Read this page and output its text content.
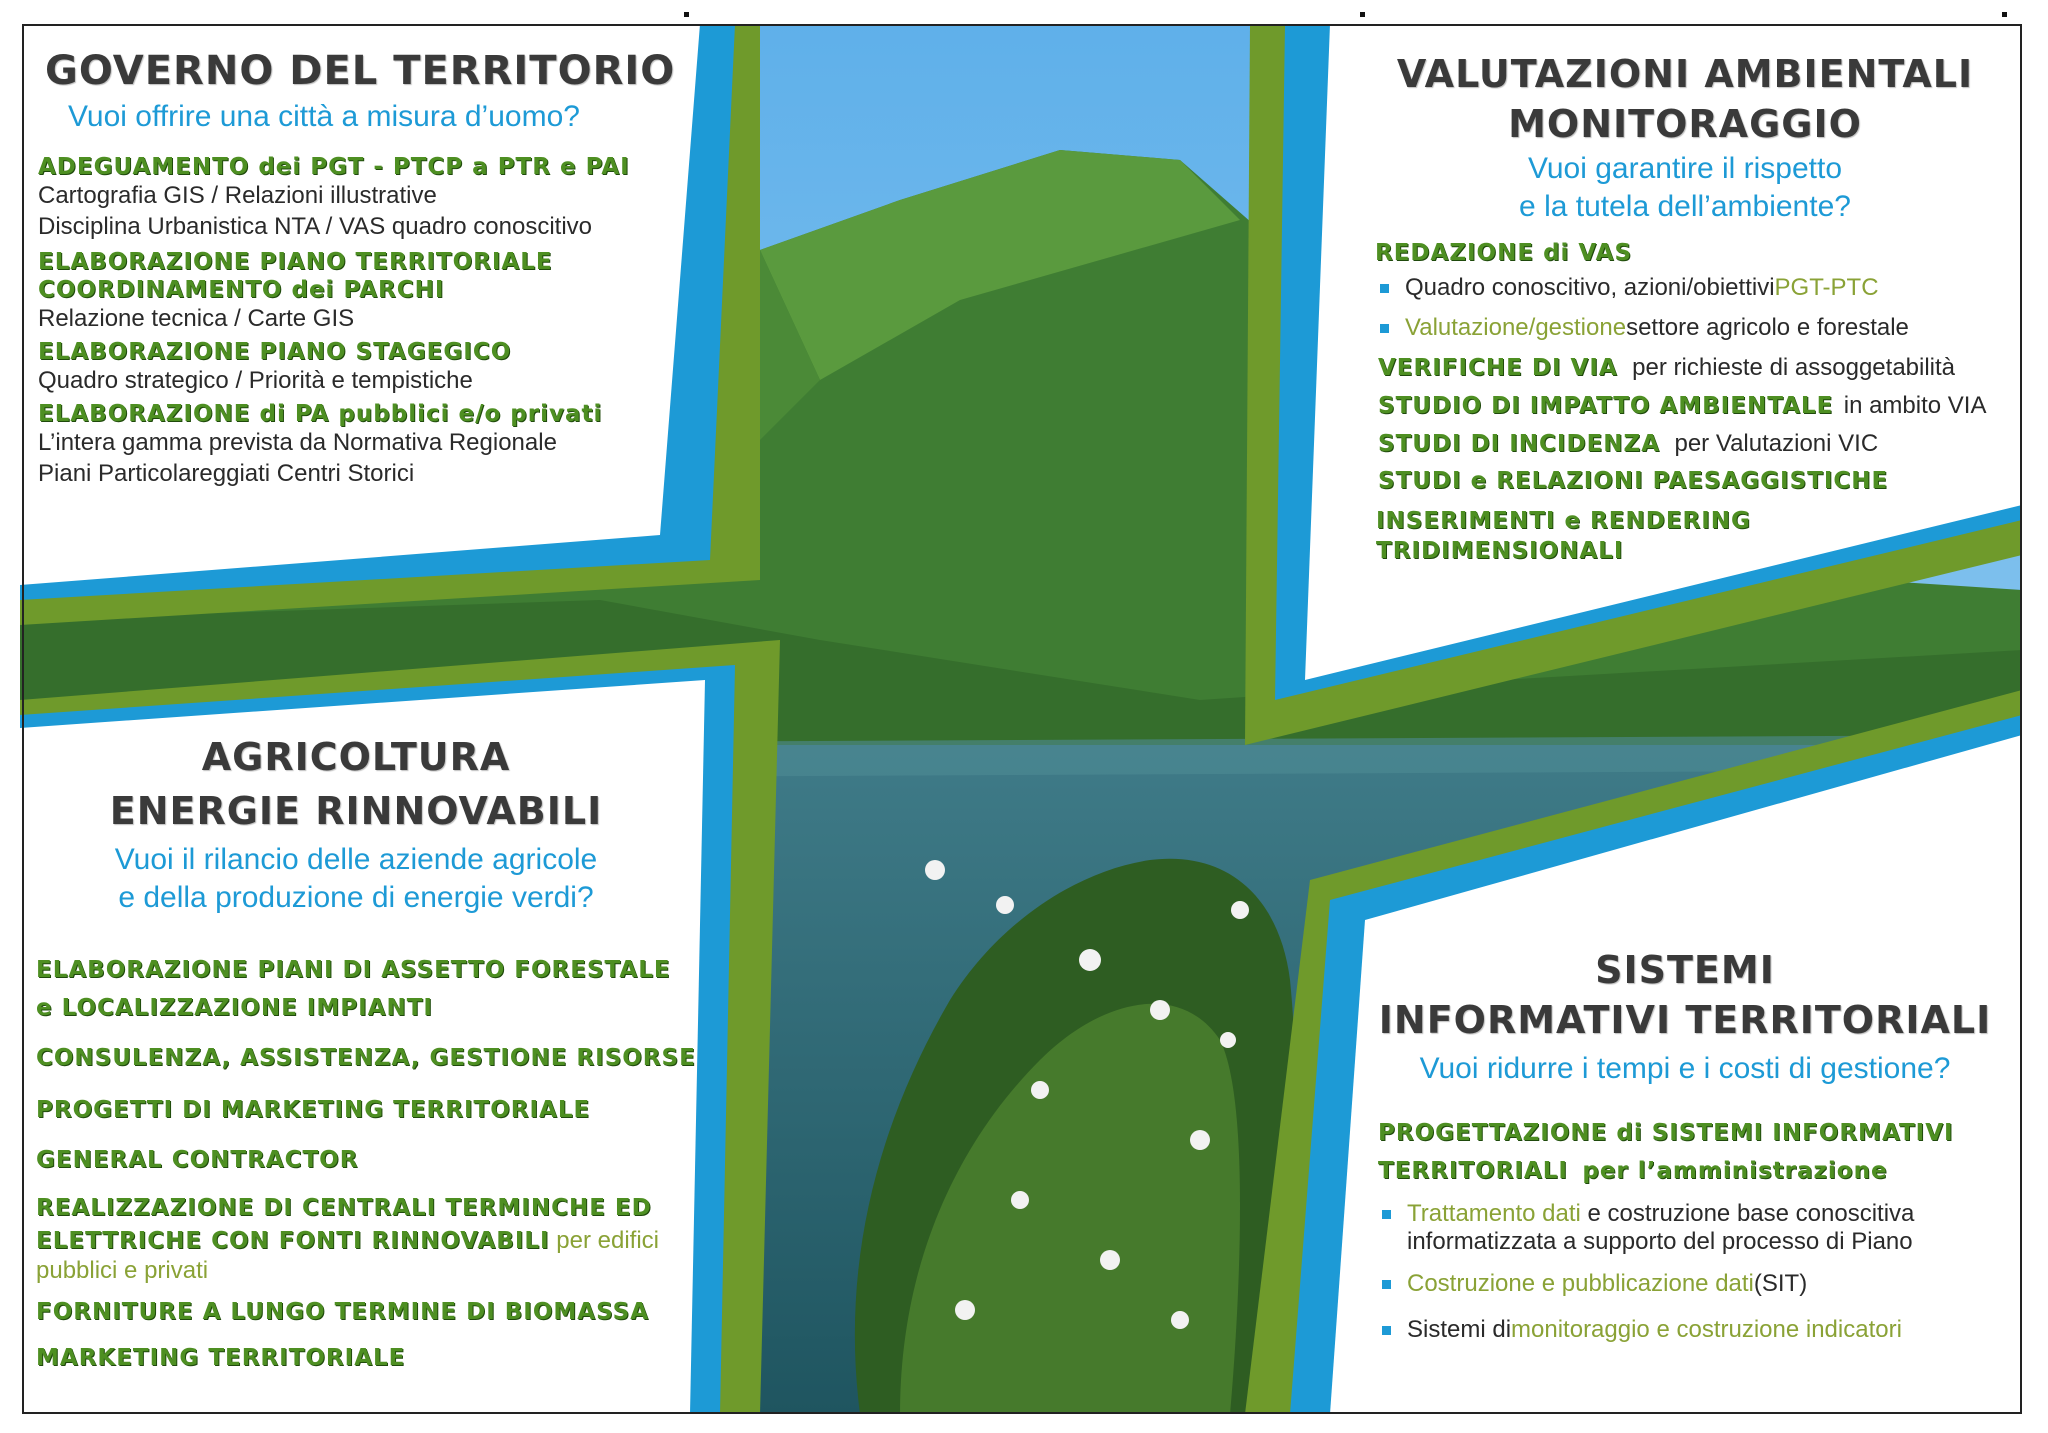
GOVERNO DEL TERRITORIO
Vuoi offrire una città a misura d’uomo?
ADEGUAMENTO dei PGT - PTCP a PTR e PAI
Cartografia GIS / Relazioni illustrative
Disciplina Urbanistica NTA / VAS quadro conoscitivo
ELABORAZIONE PIANO TERRITORIALE
COORDINAMENTO dei PARCHI
Relazione tecnica / Carte GIS
ELABORAZIONE PIANO STAGEGICO
Quadro strategico / Priorità e tempistiche
ELABORAZIONE di PA pubblici e/o privati
L’intera gamma prevista da Normativa Regionale
Piani Particolareggiati Centri Storici
VALUTAZIONI AMBIENTALI
MONITORAGGIO
Vuoi garantire il rispetto
e la tutela dell’ambiente?
REDAZIONE di VAS
Quadro conoscitivo, azioni/obiettivi PGT-PTC
Valutazione/gestione settore agricolo e forestale
VERIFICHE DI VIA per richieste di assoggetabilità
STUDIO DI IMPATTO AMBIENTALE in ambito VIA
STUDI DI INCIDENZA per Valutazioni VIC
STUDI e RELAZIONI PAESAGGISTICHE
INSERIMENTI e RENDERING
TRIDIMENSIONALI
AGRICOLTURA
ENERGIE RINNOVABILI
Vuoi il rilancio delle aziende agricole
e della produzione di energie verdi?
ELABORAZIONE PIANI DI ASSETTO FORESTALE
e LOCALIZZAZIONE IMPIANTI
CONSULENZA, ASSISTENZA, GESTIONE RISORSE
PROGETTI DI MARKETING TERRITORIALE
GENERAL CONTRACTOR
REALIZZAZIONE DI CENTRALI TERMINCHE ED
ELETTRICHE CON FONTI RINNOVABILI per edifici
pubblici e privati
FORNITURE A LUNGO TERMINE DI BIOMASSA
MARKETING TERRITORIALE
SISTEMI
INFORMATIVI TERRITORIALI
Vuoi ridurre i tempi e i costi di gestione?
PROGETTAZIONE di SISTEMI INFORMATIVI
TERRITORIALI per l’amministrazione
Trattamento dati e costruzione base conoscitiva
informatizzata a supporto del processo di Piano
Costruzione e pubblicazione dati (SIT)
Sistemi di monitoraggio e costruzione indicatori
